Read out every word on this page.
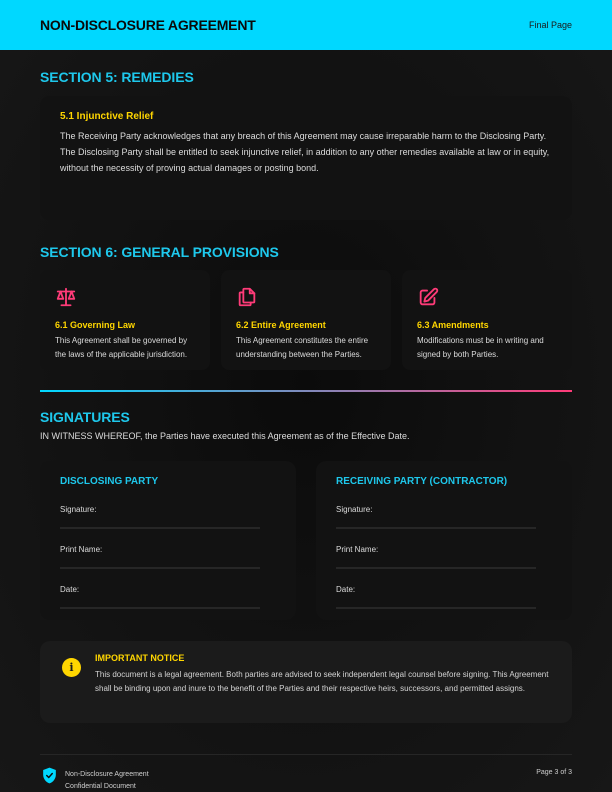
NON-DISCLOSURE AGREEMENT	Final Page
SECTION 5: REMEDIES
5.1 Injunctive Relief
The Receiving Party acknowledges that any breach of this Agreement may cause irreparable harm to the Disclosing Party. The Disclosing Party shall be entitled to seek injunctive relief, in addition to any other remedies available at law or in equity, without the necessity of proving actual damages or posting bond.
SECTION 6: GENERAL PROVISIONS
6.1 Governing Law
This Agreement shall be governed by the laws of the applicable jurisdiction.
6.2 Entire Agreement
This Agreement constitutes the entire understanding between the Parties.
6.3 Amendments
Modifications must be in writing and signed by both Parties.
SIGNATURES
IN WITNESS WHEREOF, the Parties have executed this Agreement as of the Effective Date.
DISCLOSING PARTY
Signature:
Print Name:
Date:
RECEIVING PARTY (CONTRACTOR)
Signature:
Print Name:
Date:
i
IMPORTANT NOTICE
This document is a legal agreement. Both parties are advised to seek independent legal counsel before signing. This Agreement shall be binding upon and inure to the benefit of the Parties and their respective heirs, successors, and permitted assigns.
Non-Disclosure Agreement
Confidential Document
Page 3 of 3
